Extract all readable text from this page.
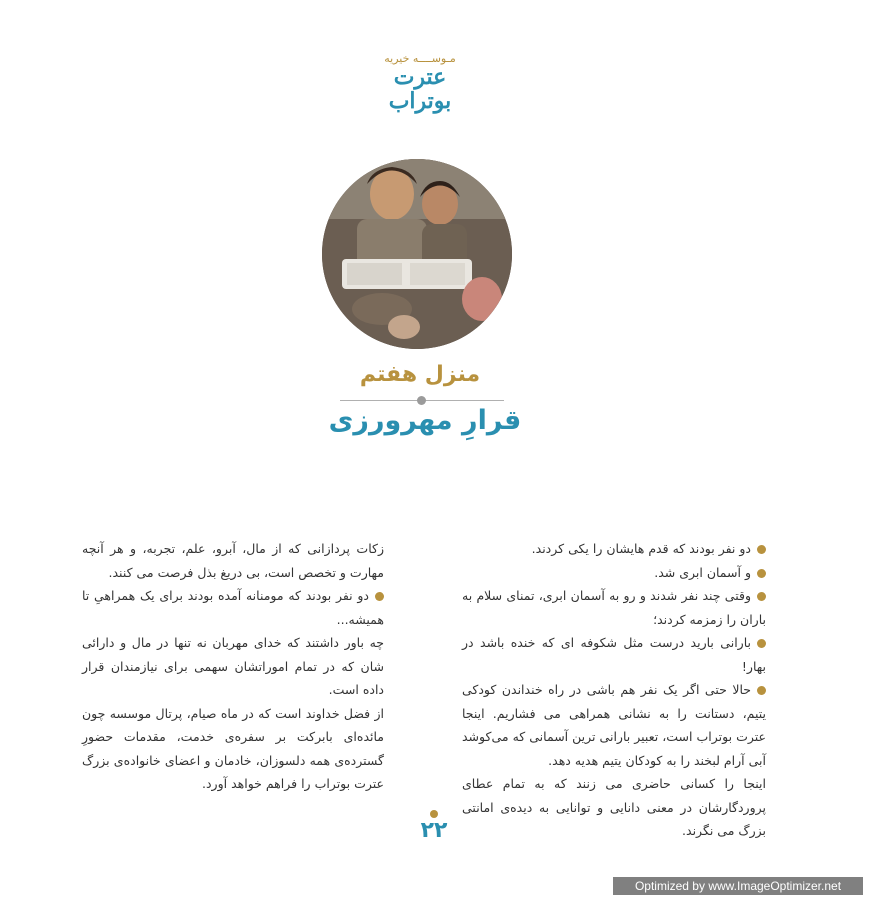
مـوســــه خیریه
عترت بوتراب
منزل هفتم
قرارِ مهرورزی

دو نفر بودند که قدم هایشان را یکی کردند.

و آسمان ابری شد.

وقتی چند نفر شدند و رو به آسمان ابری، تمنای سلام به باران را زمزمه کردند؛

بارانی بارید درست مثل شکوفه ای که خنده باشد در بهار!

حالا حتی اگر یک نفر هم باشی در راه خنداندن کودکی یتیم، دستانت را به نشانی همراهی می فشاریم. اینجا عترت بوتراب است، تعبیر بارانی ترین آسمانی که می‌کوشد آبی آرام لبخند را به کودکان یتیم هدیه دهد.

اینجا را کسانی حاضری می زنند که به تمام عطای پروردگارشان در معنی دانایی و توانایی به دیده‌ی امانتی بزرگ می نگرند.

زکات پردازانی که از مال، آبرو، علم، تجربه، و هر آنچه مهارت و تخصص است، بی دریغ بذل فرصت می کنند.

دو نفر بودند که مومنانه آمده بودند برای یک همراهیِ تا همیشه...

چه باور داشتند که خدای مهربان نه تنها در مال و دارائی شان که در تمام اموراتشان سهمی برای نیازمندان قرار داده است.

از فضل خداوند است که در ماه صیام، پرتال موسسه چون مائده‌ای بابرکت بر سفره‌ی خدمت، مقدمات حضورِ گسترده‌ی همه دلسوزان، خادمان و اعضای خانواده‌ی بزرگ عترت بوتراب را فراهم خواهد آورد.

۲۲
Optimized by www.ImageOptimizer.net
